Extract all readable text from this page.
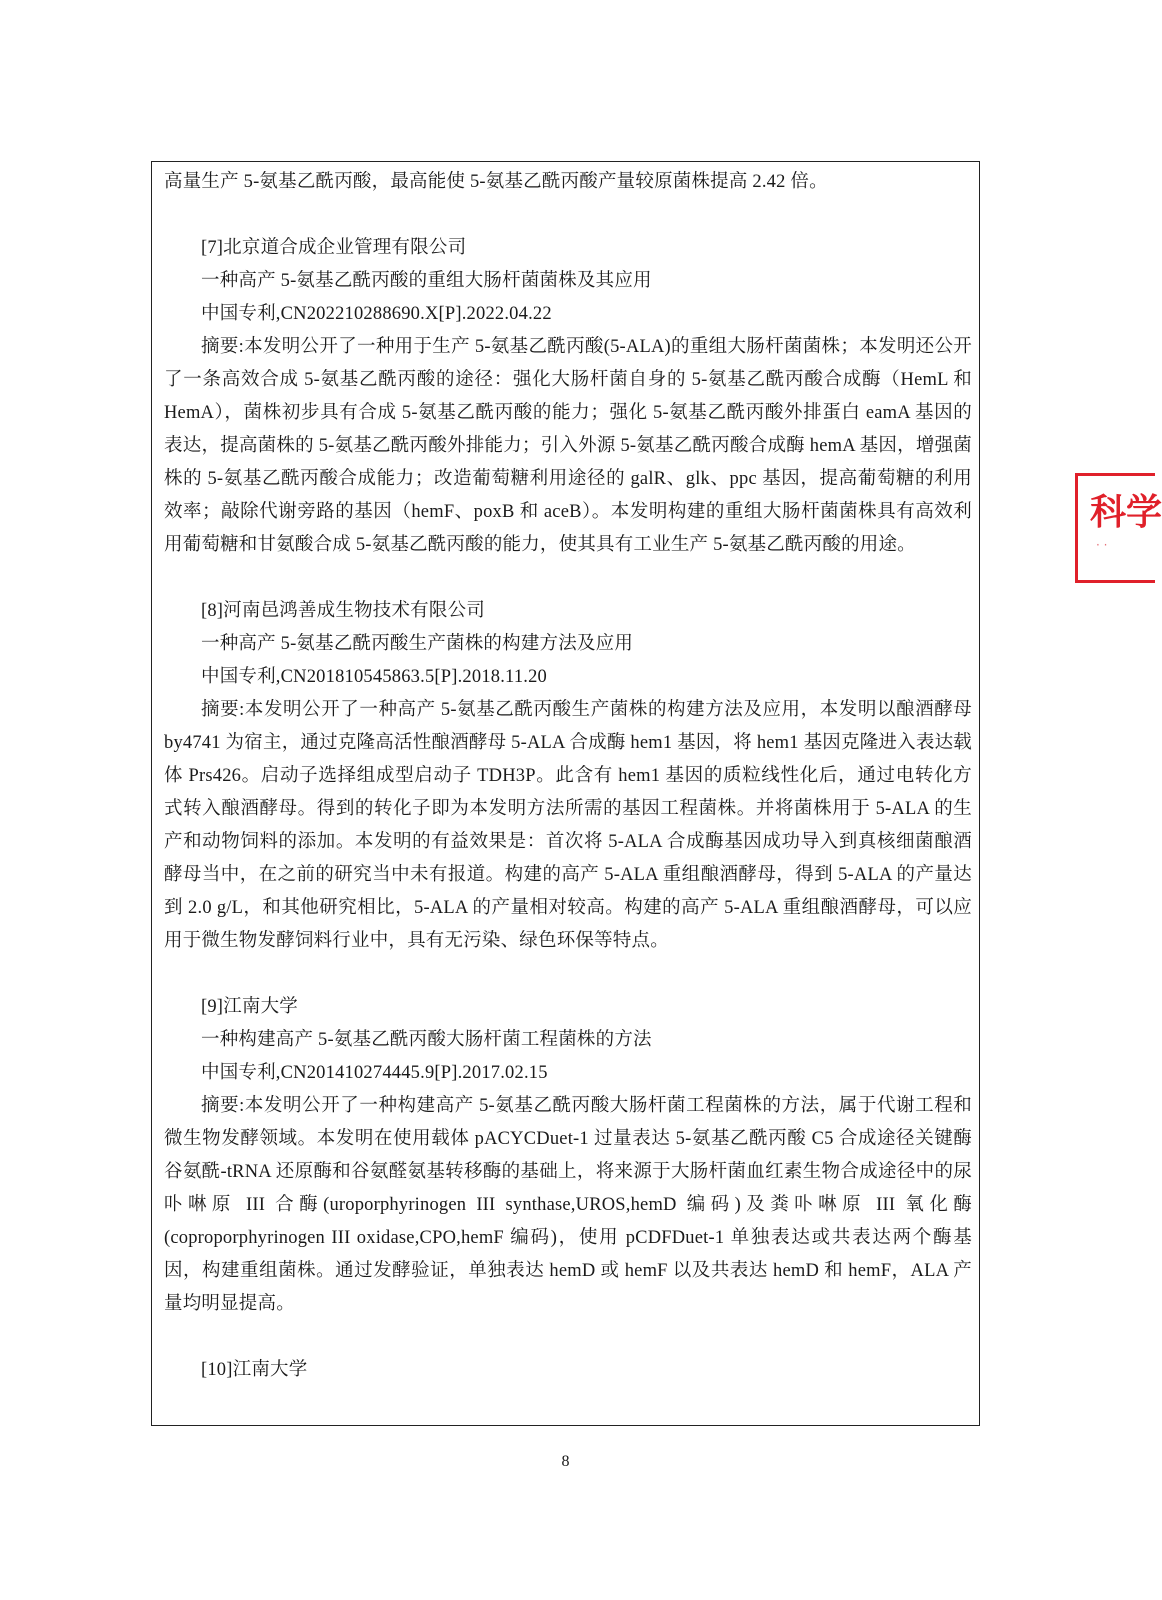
高量生产 5-氨基乙酰丙酸，最高能使 5-氨基乙酰丙酸产量较原菌株提高 2.42 倍。

[7]北京道合成企业管理有限公司

一种高产 5-氨基乙酰丙酸的重组大肠杆菌菌株及其应用

中国专利,CN202210288690.X[P].2022.04.22

摘要:本发明公开了一种用于生产 5-氨基乙酰丙酸(5-ALA)的重组大肠杆菌菌株；本发明还公开了一条高效合成 5-氨基乙酰丙酸的途径：强化大肠杆菌自身的 5-氨基乙酰丙酸合成酶（HemL 和 HemA），菌株初步具有合成 5-氨基乙酰丙酸的能力；强化 5-氨基乙酰丙酸外排蛋白 eamA 基因的表达，提高菌株的 5-氨基乙酰丙酸外排能力；引入外源 5-氨基乙酰丙酸合成酶 hemA 基因，增强菌株的 5-氨基乙酰丙酸合成能力；改造葡萄糖利用途径的 galR、glk、ppc 基因，提高葡萄糖的利用效率；敲除代谢旁路的基因（hemF、poxB 和 aceB）。本发明构建的重组大肠杆菌菌株具有高效利用葡萄糖和甘氨酸合成 5-氨基乙酰丙酸的能力，使其具有工业生产 5-氨基乙酰丙酸的用途。

[8]河南邑鸿善成生物技术有限公司

一种高产 5-氨基乙酰丙酸生产菌株的构建方法及应用

中国专利,CN201810545863.5[P].2018.11.20

摘要:本发明公开了一种高产 5-氨基乙酰丙酸生产菌株的构建方法及应用，本发明以酿酒酵母 by4741 为宿主，通过克隆高活性酿酒酵母 5-ALA 合成酶 hem1 基因，将 hem1 基因克隆进入表达载体 Prs426。启动子选择组成型启动子 TDH3P。此含有 hem1 基因的质粒线性化后，通过电转化方式转入酿酒酵母。得到的转化子即为本发明方法所需的基因工程菌株。并将菌株用于 5-ALA 的生产和动物饲料的添加。本发明的有益效果是：首次将 5-ALA 合成酶基因成功导入到真核细菌酿酒酵母当中，在之前的研究当中未有报道。构建的高产 5-ALA 重组酿酒酵母，得到 5-ALA 的产量达到 2.0 g/L，和其他研究相比，5-ALA 的产量相对较高。构建的高产 5-ALA 重组酿酒酵母，可以应用于微生物发酵饲料行业中，具有无污染、绿色环保等特点。

[9]江南大学

一种构建高产 5-氨基乙酰丙酸大肠杆菌工程菌株的方法

中国专利,CN201410274445.9[P].2017.02.15

摘要:本发明公开了一种构建高产 5-氨基乙酰丙酸大肠杆菌工程菌株的方法，属于代谢工程和微生物发酵领域。本发明在使用载体 pACYCDuet-1 过量表达 5-氨基乙酰丙酸 C5 合成途径关键酶谷氨酰-tRNA 还原酶和谷氨醛氨基转移酶的基础上，将来源于大肠杆菌血红素生物合成途径中的尿卟啉原 III 合酶(uroporphyrinogen III synthase,UROS,hemD 编码)及粪卟啉原 III 氧化酶(coproporphyrinogen III oxidase,CPO,hemF 编码)，使用 pCDFDuet-1 单独表达或共表达两个酶基因，构建重组菌株。通过发酵验证，单独表达 hemD 或 hemF 以及共表达 hemD 和 hemF，ALA 产量均明显提高。

[10]江南大学

8
科学
· ·
